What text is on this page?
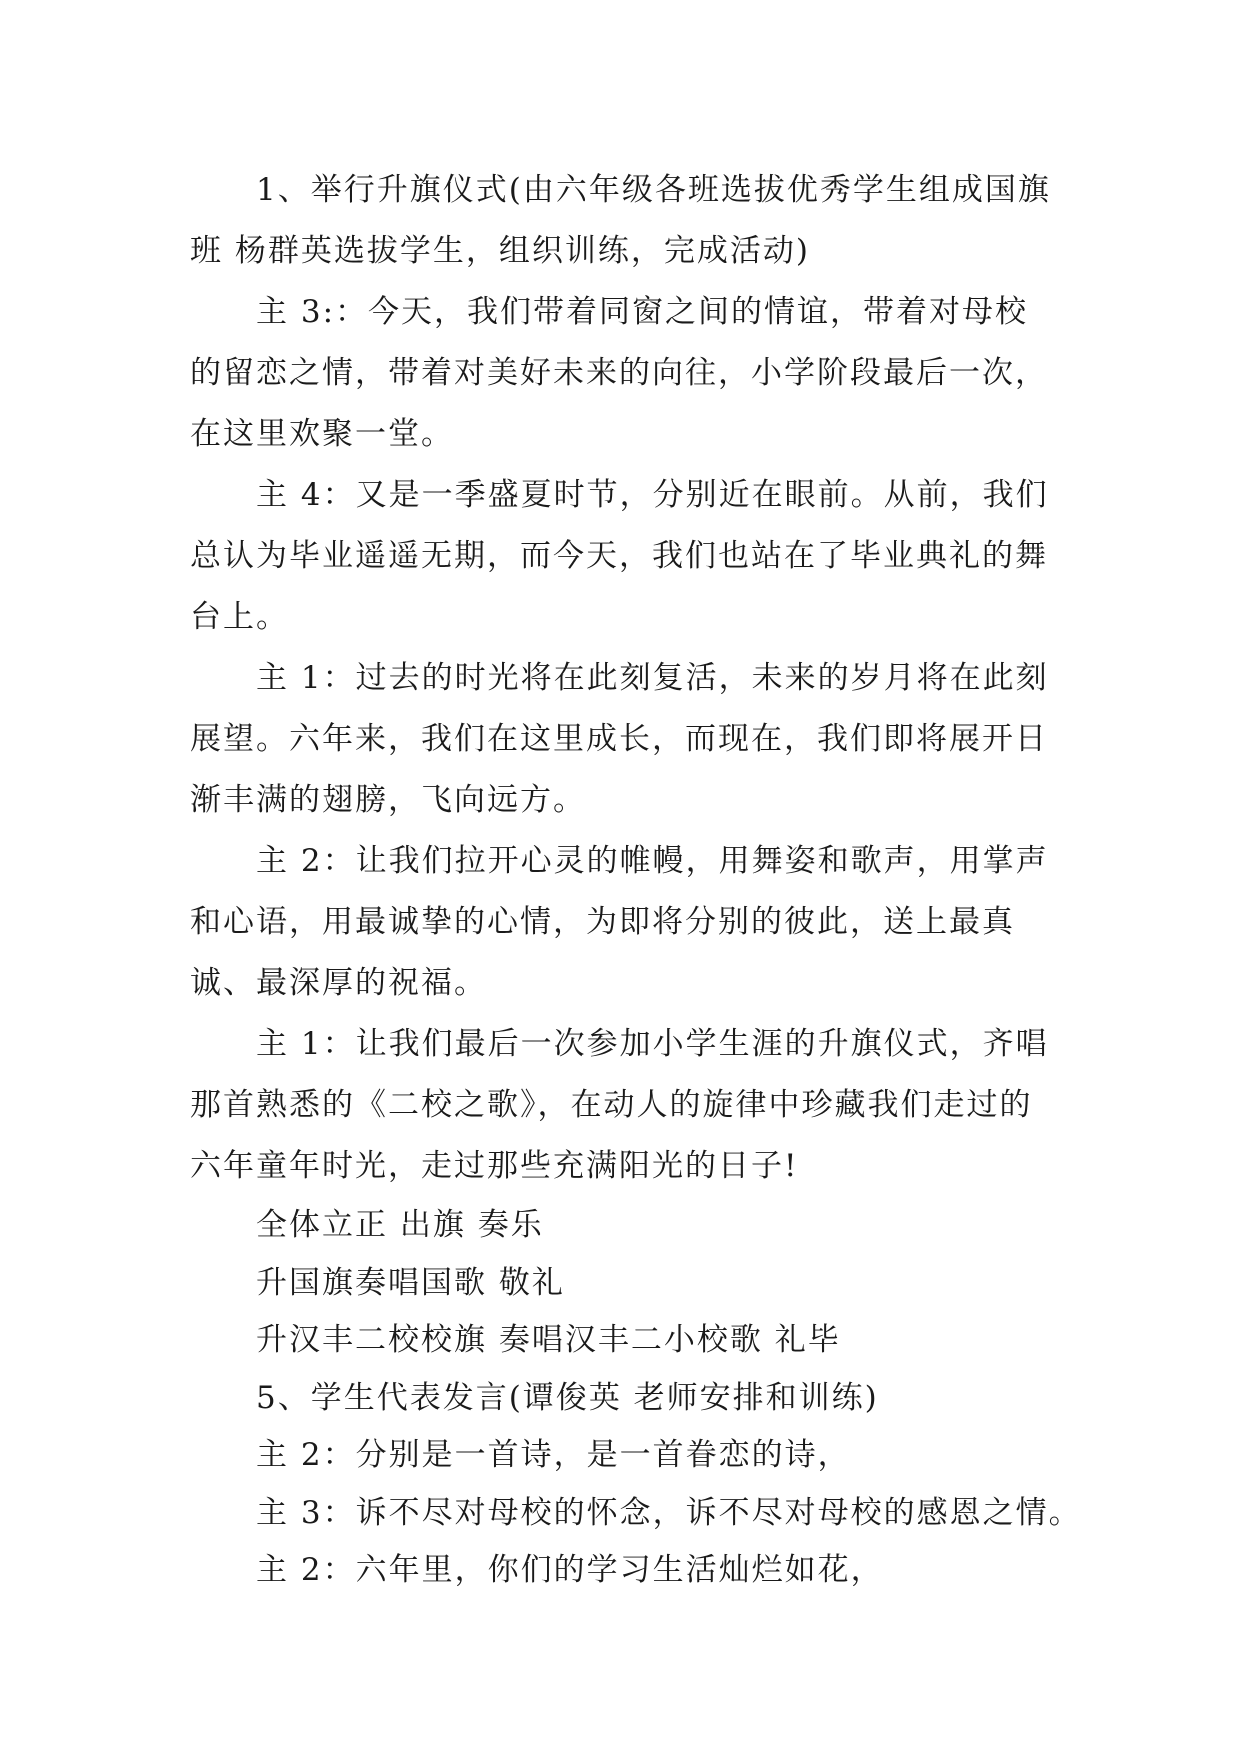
1、举行升旗仪式(由六年级各班选拔优秀学生组成国旗班 杨群英选拔学生，组织训练，完成活动)

主 3:：今天，我们带着同窗之间的情谊，带着对母校的留恋之情，带着对美好未来的向往，小学阶段最后一次，在这里欢聚一堂。

主 4：又是一季盛夏时节，分别近在眼前。从前，我们总认为毕业遥遥无期，而今天，我们也站在了毕业典礼的舞台上。

主 1：过去的时光将在此刻复活，未来的岁月将在此刻展望。六年来，我们在这里成长，而现在，我们即将展开日渐丰满的翅膀，飞向远方。

主 2：让我们拉开心灵的帷幔，用舞姿和歌声，用掌声和心语，用最诚挚的心情，为即将分别的彼此，送上最真诚、最深厚的祝福。

主 1：让我们最后一次参加小学生涯的升旗仪式，齐唱那首熟悉的《二校之歌》，在动人的旋律中珍藏我们走过的六年童年时光，走过那些充满阳光的日子!

全体立正 出旗 奏乐

升国旗奏唱国歌 敬礼

升汉丰二校校旗 奏唱汉丰二小校歌 礼毕

5、学生代表发言(谭俊英 老师安排和训练)

主 2：分别是一首诗，是一首眷恋的诗，

主 3：诉不尽对母校的怀念，诉不尽对母校的感恩之情。

主 2：六年里，你们的学习生活灿烂如花，
